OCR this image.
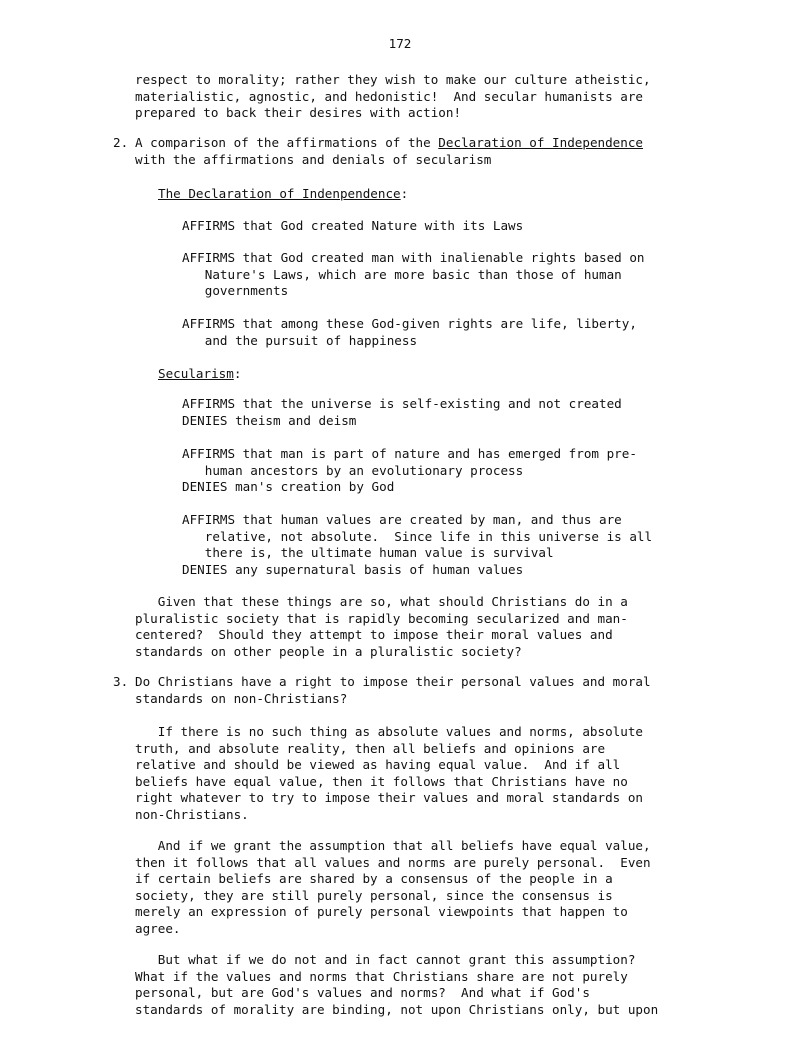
172
respect to morality; rather they wish to make our culture atheistic,
materialistic, agnostic, and hedonistic!  And secular humanists are
prepared to back their desires with action!
2. A comparison of the affirmations of the Declaration of Independence
with the affirmations and denials of secularism
The Declaration of Indenpendence:
AFFIRMS that God created Nature with its Laws
AFFIRMS that God created man with inalienable rights based on
Nature's Laws, which are more basic than those of human
governments
AFFIRMS that among these God-given rights are life, liberty,
and the pursuit of happiness
Secularism:
AFFIRMS that the universe is self-existing and not created
DENIES theism and deism
AFFIRMS that man is part of nature and has emerged from pre-
human ancestors by an evolutionary process
DENIES man's creation by God
AFFIRMS that human values are created by man, and thus are
relative, not absolute.  Since life in this universe is all
there is, the ultimate human value is survival
DENIES any supernatural basis of human values
Given that these things are so, what should Christians do in a
pluralistic society that is rapidly becoming secularized and man-
centered?  Should they attempt to impose their moral values and
standards on other people in a pluralistic society?
3. Do Christians have a right to impose their personal values and moral
standards on non-Christians?
If there is no such thing as absolute values and norms, absolute
truth, and absolute reality, then all beliefs and opinions are
relative and should be viewed as having equal value.  And if all
beliefs have equal value, then it follows that Christians have no
right whatever to try to impose their values and moral standards on
non-Christians.
And if we grant the assumption that all beliefs have equal value,
then it follows that all values and norms are purely personal.  Even
if certain beliefs are shared by a consensus of the people in a
society, they are still purely personal, since the consensus is
merely an expression of purely personal viewpoints that happen to
agree.
But what if we do not and in fact cannot grant this assumption?
What if the values and norms that Christians share are not purely
personal, but are God's values and norms?  And what if God's
standards of morality are binding, not upon Christians only, but upon
